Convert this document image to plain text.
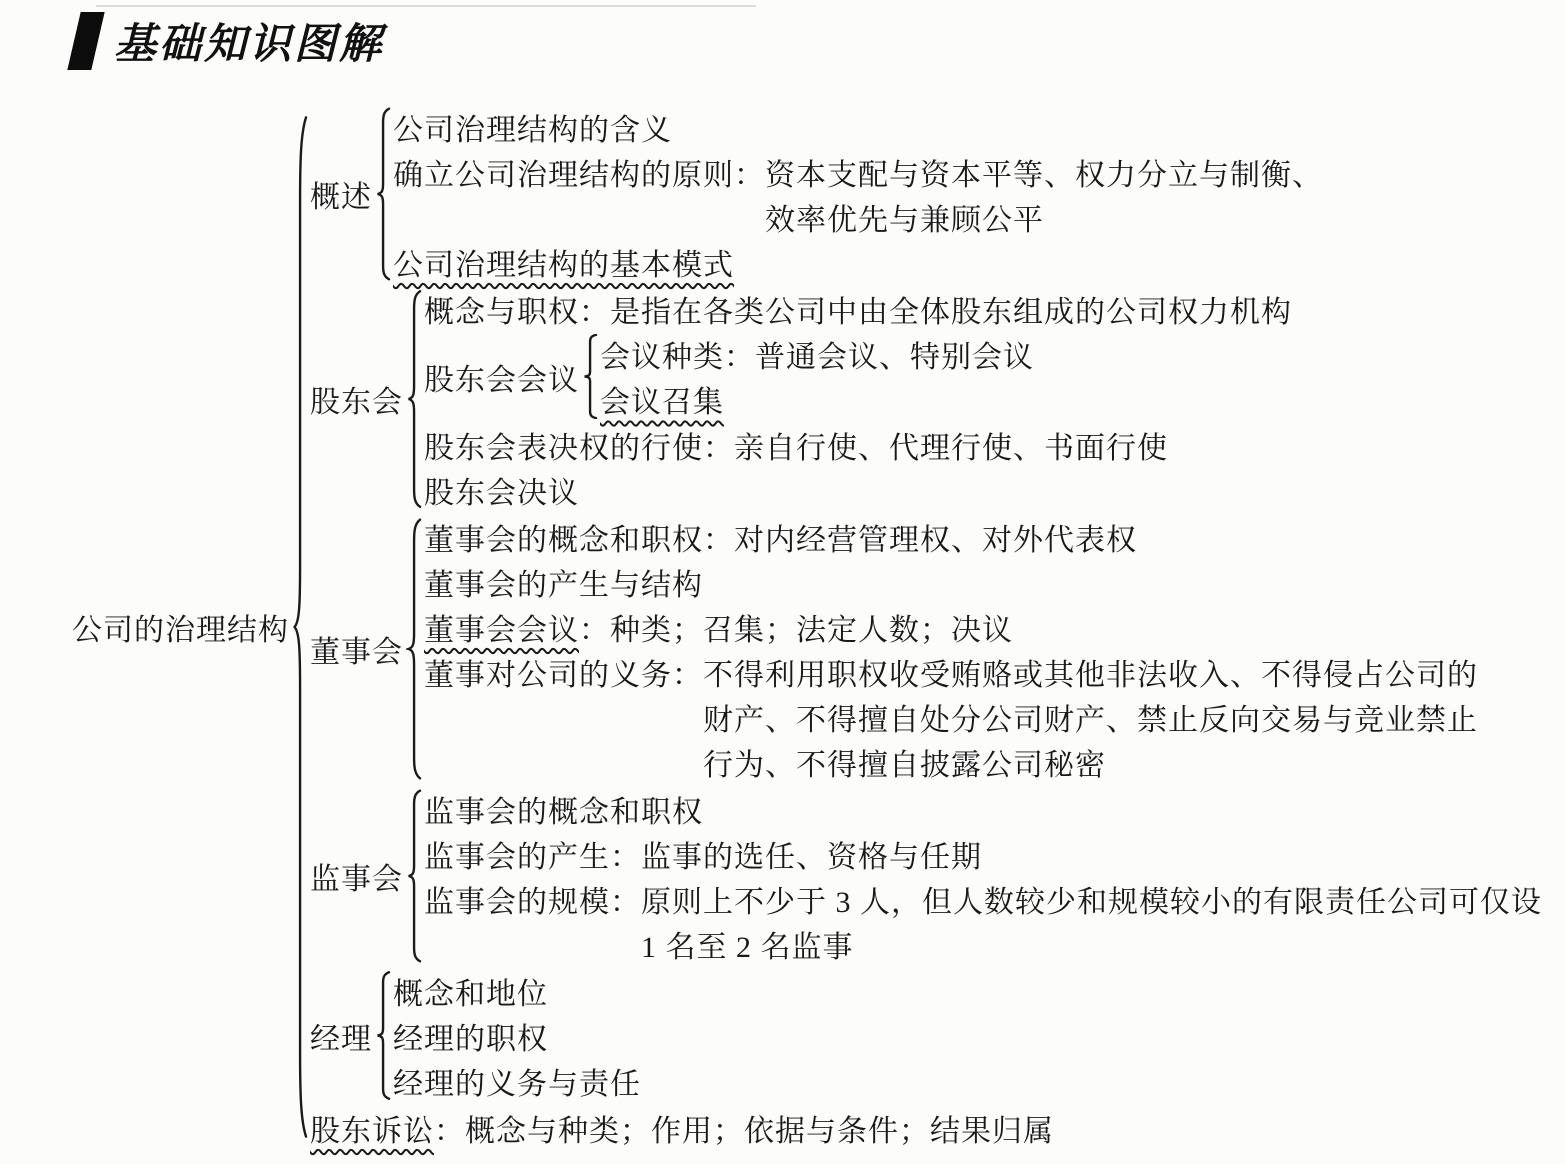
基础知识图解
公司的治理结构
概述
公司治理结构的含义
确立公司治理结构的原则： 资本支配与资本平等、权力分立与制衡、
效率优先与兼顾公平
公司治理结构的基本模式
股东会
概念与职权：是指在各类公司中由全体股东组成的公司权力机构
股东会会议
会议种类：普通会议、特别会议
会议召集
股东会表决权的行使：亲自行使、代理行使、书面行使
股东会决议
董事会
董事会的概念和职权：对内经营管理权、对外代表权
董事会的产生与结构
董事会会议 ：种类；召集；法定人数；决议
董事对公司的义务： 不得利用职权收受贿赂或其他非法收入、不得侵占公司的
财产、不得擅自处分公司财产、禁止反向交易与竞业禁止
行为、不得擅自披露公司秘密
监事会
监事会的概念和职权
监事会的产生：监事的选任、资格与任期
监事会的规模： 原则上不少于 3 人，但人数较少和规模较小的有限责任公司可仅设
1 名至 2 名监事
经理
概念和地位
经理的职权
经理的义务与责任
股东诉讼 ：概念与种类；作用；依据与条件；结果归属
